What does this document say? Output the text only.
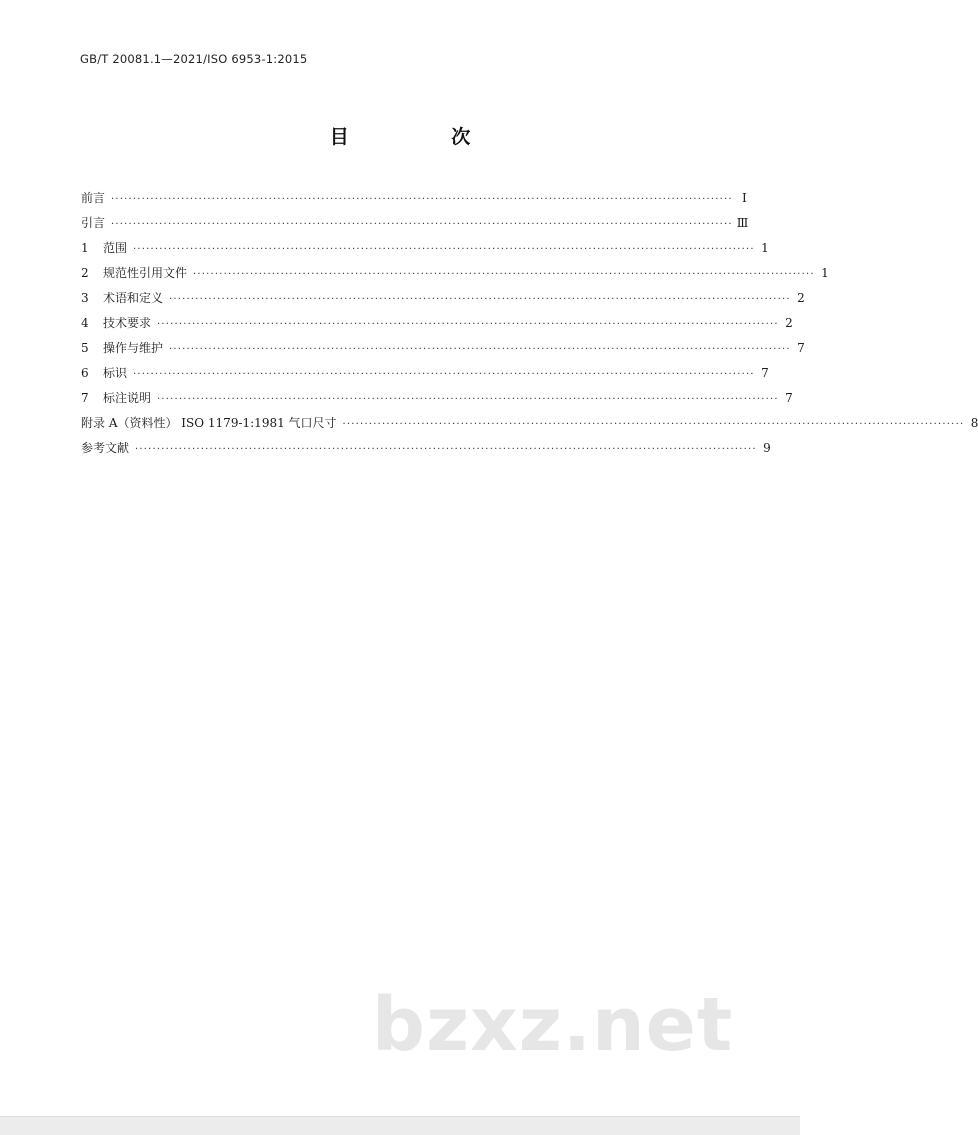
GB/T 20081.1—2021/ISO 6953-1:2015
目 次
前言 ·············································································································································· Ⅰ
引言 ·············································································································································· Ⅲ
1	范围 ·············································································································································· 1
2	规范性引用文件 ·············································································································································· 1
3	术语和定义 ·············································································································································· 2
4	技术要求 ·············································································································································· 2
5	操作与维护 ·············································································································································· 7
6	标识 ·············································································································································· 7
7	标注说明 ·············································································································································· 7
附录 A（资料性） ISO 1179-1:1981 气口尺寸 ·············································································································································· 8
参考文献 ·············································································································································· 9
bzxz.net
